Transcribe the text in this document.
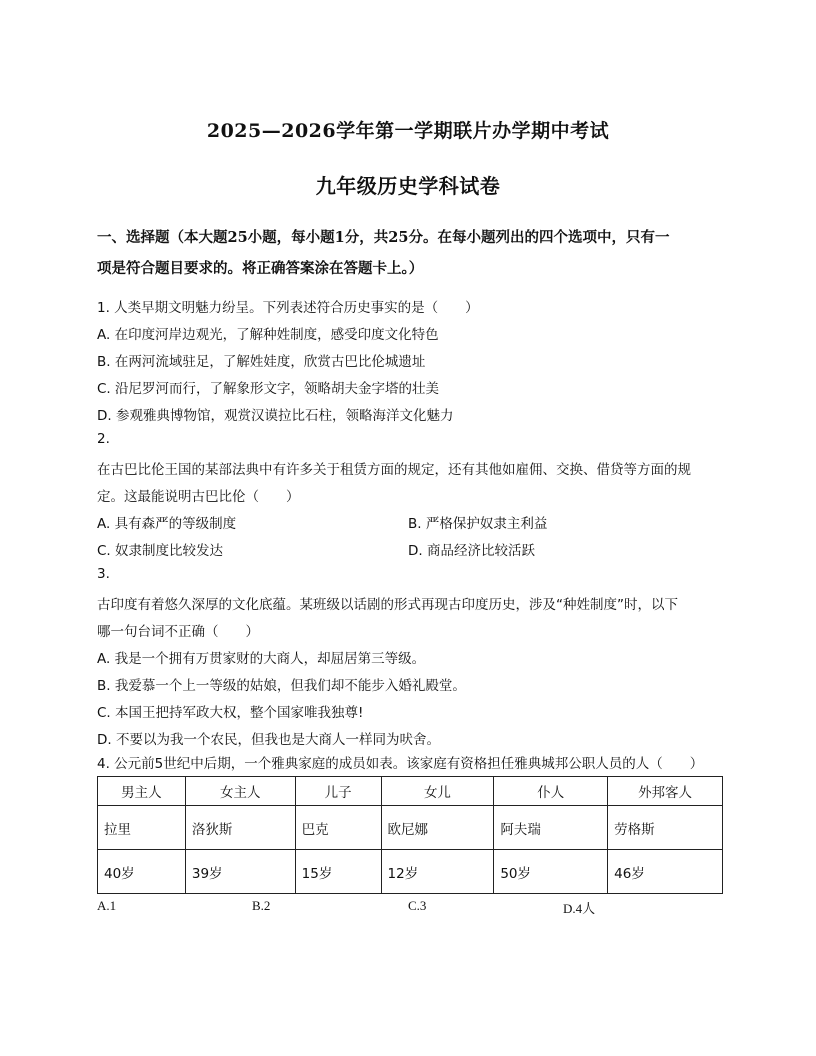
2025—2026学年第一学期联片办学期中考试
九年级历史学科试卷
一、选择题（本大题25小题，每小题1分，共25分。在每小题列出的四个选项中，只有一
项是符合题目要求的。将正确答案涂在答题卡上。）
1. 人类早期文明魅力纷呈。下列表述符合历史事实的是（　　）
A. 在印度河岸边观光，了解种姓制度，感受印度文化特色
B. 在两河流域驻足，了解姓娃度，欣赏古巴比伦城遗址
C. 沿尼罗河而行，了解象形文字，领略胡夫金字塔的壮美
D. 参观雅典博物馆，观赏汉谟拉比石柱，领略海洋文化魅力
2.
在古巴比伦王国的某部法典中有许多关于租赁方面的规定，还有其他如雇佣、交换、借贷等方面的规
定。这最能说明古巴比伦（　　）
A. 具有森严的等级制度	B. 严格保护奴隶主利益
C. 奴隶制度比较发达	D. 商品经济比较活跃
3.
古印度有着悠久深厚的文化底蕴。某班级以话剧的形式再现古印度历史，涉及“种姓制度”时，以下
哪一句台词不正确（　　）
A. 我是一个拥有万贯家财的大商人，却屈居第三等级。
B. 我爱慕一个上一等级的姑娘，但我们却不能步入婚礼殿堂。
C. 本国王把持军政大权，整个国家唯我独尊!
D. 不要以为我一个农民，但我也是大商人一样同为吠舍。
男主人	女主人	儿子	女儿	仆人	外邦客人
拉里	洛狄斯	巴克	欧尼娜	阿夫瑞	劳格斯
40岁	39岁	15岁	12岁	50岁	46岁
A.1	B.2	C.3	D.4人
4. 公元前5世纪中后期，一个雅典家庭的成员如表。该家庭有资格担任雅典城邦公职人员的人（　　）
